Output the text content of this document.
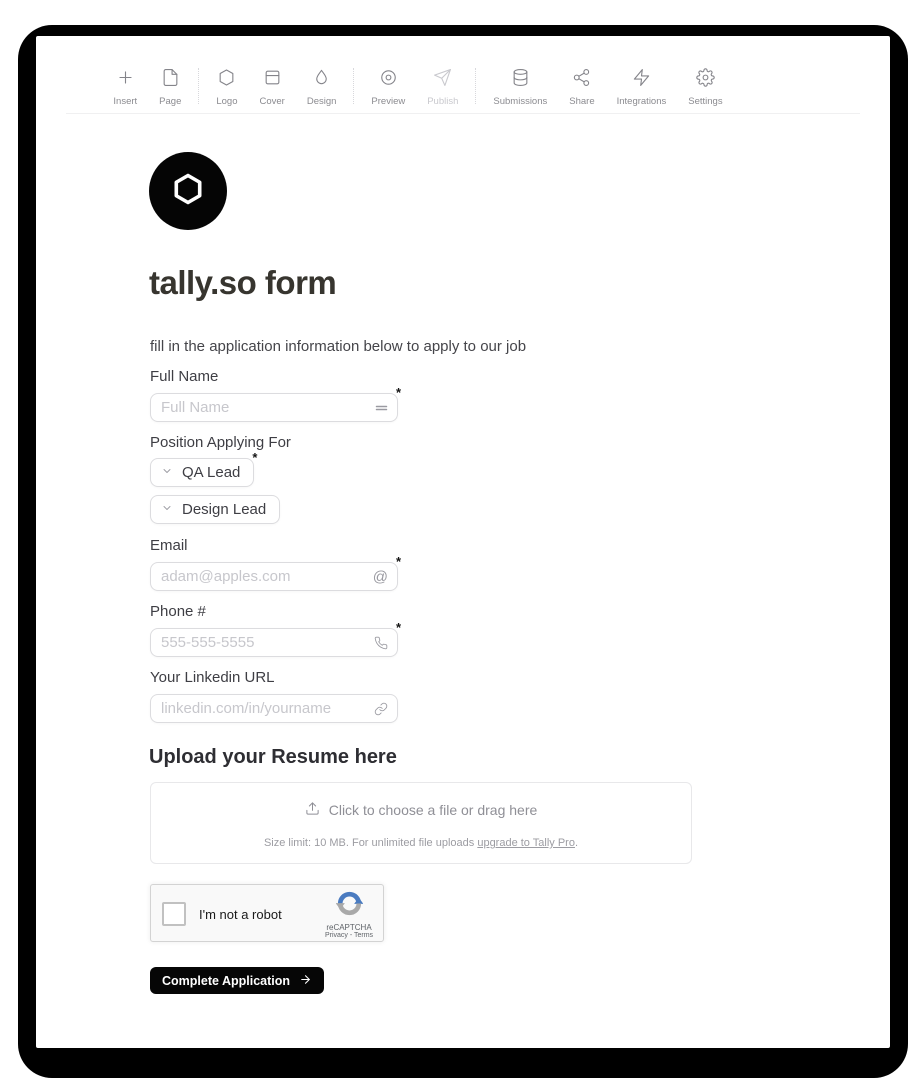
Insert Page	Logo Cover Design	Preview Publish	Submissions Share Integrations Settings
tally.so form

fill in the application information below to apply to our job

Full Name
Full Name
*
Position Applying For
QA Lead
*
Design Lead
Email
adam@apples.com
@
*
Phone #
555-555-5555
*
Your Linkedin URL
linkedin.com/in/yourname
Upload your Resume here
Click to choose a file or drag here
Size limit: 10 MB. For unlimited file uploads upgrade to Tally Pro.
I'm not a robot
reCAPTCHA
Privacy - Terms
Complete Application
